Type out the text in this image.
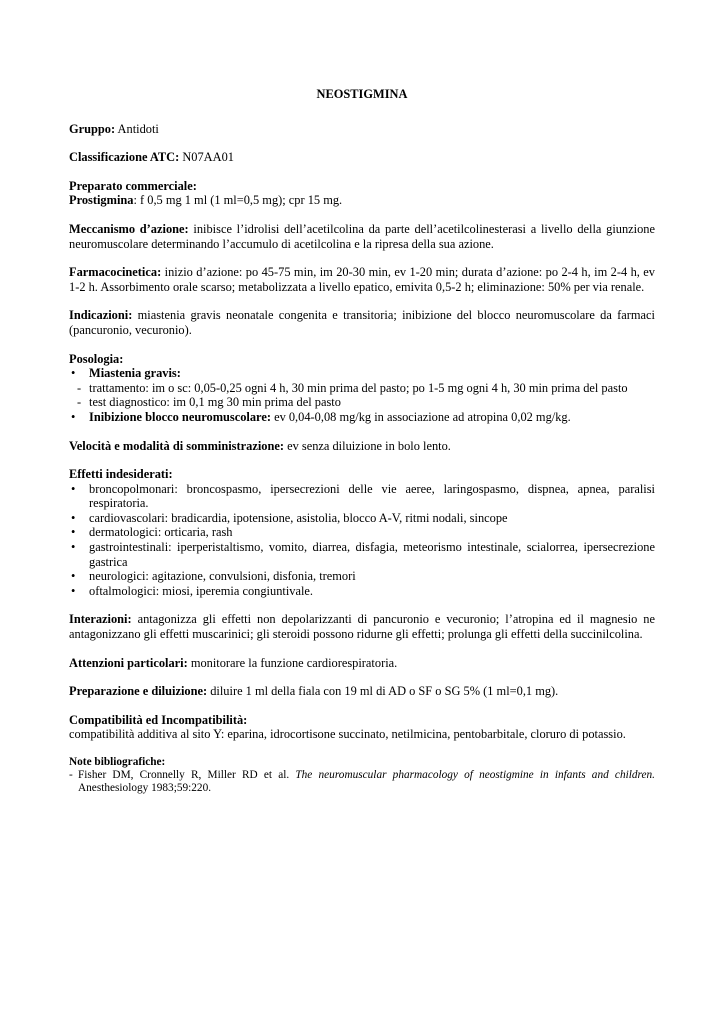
NEOSTIGMINA

Gruppo: Antidoti

Classificazione ATC: N07AA01

Preparato commerciale:

Prostigmina: f 0,5 mg 1 ml (1 ml=0,5 mg); cpr 15 mg.

Meccanismo d’azione: inibisce l’idrolisi dell’acetilcolina da parte dell’acetilcolinesterasi a livello della giunzione neuromuscolare determinando l’accumulo di acetilcolina e la ripresa della sua azione.

Farmacocinetica: inizio d’azione: po 45-75 min, im 20-30 min, ev 1-20 min; durata d’azione: po 2-4 h, im 2-4 h, ev 1-2 h. Assorbimento orale scarso; metabolizzata a livello epatico, emivita 0,5-2 h; eliminazione: 50% per via renale.

Indicazioni: miastenia gravis neonatale congenita e transitoria; inibizione del blocco neuromuscolare da farmaci (pancuronio, vecuronio).

Posologia:

• Miastenia gravis:
- trattamento: im o sc: 0,05-0,25 ogni 4 h, 30 min prima del pasto; po 1-5 mg ogni 4 h, 30 min prima del pasto
- test diagnostico: im 0,1 mg 30 min prima del pasto
• Inibizione blocco neuromuscolare: ev 0,04-0,08 mg/kg in associazione ad atropina 0,02 mg/kg.

Velocità e modalità di somministrazione: ev senza diluizione in bolo lento.

Effetti indesiderati:

• broncopolmonari: broncospasmo, ipersecrezioni delle vie aeree, laringospasmo, dispnea, apnea, paralisi respiratoria.
• cardiovascolari: bradicardia, ipotensione, asistolia, blocco A-V, ritmi nodali, sincope
• dermatologici: orticaria, rash
• gastrointestinali: iperperistaltismo, vomito, diarrea, disfagia, meteorismo intestinale, scialorrea, ipersecrezione gastrica
• neurologici: agitazione, convulsioni, disfonia, tremori
• oftalmologici: miosi, iperemia congiuntivale.

Interazioni: antagonizza gli effetti non depolarizzanti di pancuronio e vecuronio; l’atropina ed il magnesio ne antagonizzano gli effetti muscarinici; gli steroidi possono ridurne gli effetti; prolunga gli effetti della succinilcolina.

Attenzioni particolari: monitorare la funzione cardiorespiratoria.

Preparazione e diluizione: diluire 1 ml della fiala con 19 ml di AD o SF o SG 5% (1 ml=0,1 mg).

Compatibilità ed Incompatibilità:

compatibilità additiva al sito Y: eparina, idrocortisone succinato, netilmicina, pentobarbitale, cloruro di potassio.

Note bibliografiche:

- Fisher DM, Cronnelly R, Miller RD et al. The neuromuscular pharmacology of neostigmine in infants and children. Anesthesiology 1983;59:220.
